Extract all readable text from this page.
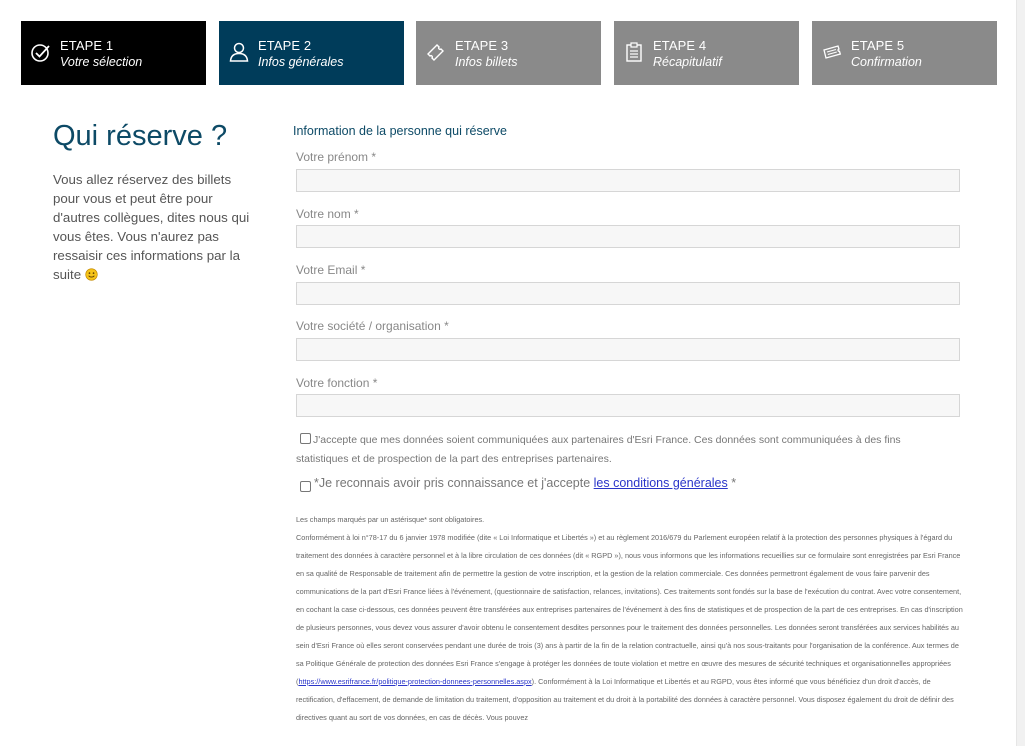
ETAPE 1
Votre sélection
ETAPE 2
Infos générales
ETAPE 3
Infos billets
ETAPE 4
Récapitulatif
ETAPE 5
Confirmation
Qui réserve ?
Vous allez réservez des billets pour vous et peut être pour d'autres collègues, dites nous qui vous êtes. Vous n'aurez pas ressaisir ces informations par la suite
Information de la personne qui réserve
Votre prénom *
Votre nom *
Votre Email *
Votre société / organisation *
Votre fonction *
J'accepte que mes données soient communiquées aux partenaires d'Esri France. Ces données sont communiquées à des fins statistiques et de prospection de la part des entreprises partenaires.
*Je reconnais avoir pris connaissance et j'accepte les conditions générales *
Les champs marqués par un astérisque* sont obligatoires.
Conformément à loi n°78-17 du 6 janvier 1978 modifiée (dite « Loi Informatique et Libertés ») et au règlement 2016/679 du Parlement européen relatif à la protection des personnes physiques à l'égard du traitement des données à caractère personnel et à la libre circulation de ces données (dit « RGPD »), nous vous informons que les informations recueillies sur ce formulaire sont enregistrées par Esri France en sa qualité de Responsable de traitement afin de permettre la gestion de votre inscription, et la gestion de la relation commerciale. Ces données permettront également de vous faire parvenir des communications de la part d'Esri France liées à l'événement, (questionnaire de satisfaction, relances, invitations). Ces traitements sont fondés sur la base de l'exécution du contrat. Avec votre consentement, en cochant la case ci-dessous, ces données peuvent être transférées aux entreprises partenaires de l'événement à des fins de statistiques et de prospection de la part de ces entreprises. En cas d'inscription de plusieurs personnes, vous devez vous assurer d'avoir obtenu le consentement desdites personnes pour le traitement des données personnelles. Les données seront transférées aux services habilités au sein d'Esri France où elles seront conservées pendant une durée de trois (3) ans à partir de la fin de la relation contractuelle, ainsi qu'à nos sous-traitants pour l'organisation de la conférence. Aux termes de sa Politique Générale de protection des données Esri France s'engage à protéger les données de toute violation et mettre en œuvre des mesures de sécurité techniques et organisationnelles appropriées (https://www.esrifrance.fr/politique-protection-donnees-personnelles.aspx). Conformément à la Loi Informatique et Libertés et au RGPD, vous êtes informé que vous bénéficiez d'un droit d'accès, de rectification, d'effacement, de demande de limitation du traitement, d'opposition au traitement et du droit à la portabilité des données à caractère personnel. Vous disposez également du droit de définir des directives quant au sort de vos données, en cas de décès. Vous pouvez
